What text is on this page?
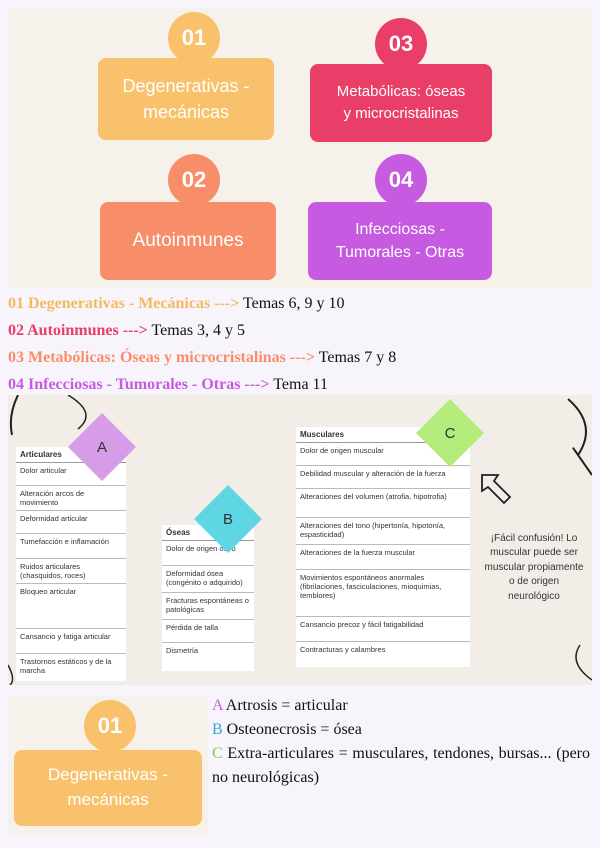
01
Degenerativas -
mecánicas
03
Metabólicas: óseas
y microcristalinas
02
Autoinmunes
04
Infecciosas -
Tumorales - Otras
01 Degenerativas - Mecánicas ---> Temas 6, 9 y 10
02 Autoinmunes ---> Temas 3, 4 y 5
03 Metabólicas: Óseas y microcristalinas ---> Temas 7 y 8
04 Infecciosas - Tumorales - Otras ---> Tema 11
Articulares
Dolor articular
Alteración arcos de movimiento
Deformidad articular
Tumefacción e inflamación
Ruidos articulares (chasquidos, roces)
Bloqueo articular
Cansancio y fatiga articular
Trastornos estáticos y de la marcha
Óseas
Dolor de origen óseo
Deformidad ósea (congénito o adquirido)
Fracturas espontáneas o patológicas
Pérdida de talla
Dismetría
Musculares
Dolor de origen muscular
Debilidad muscular y alteración de la fuerza
Alteraciones del volumen (atrofia, hipotrofia)
Alteraciones del tono (hipertonía, hipotonía, espasticidad)
Alteraciones de la fuerza muscular
Movimientos espontáneos anormales (fibrilaciones, fasciculaciones, mioquimias, temblores)
Cansancio precoz y fácil fatigabilidad
Contracturas y calambres
A
B
C

¡Fácil confusión! Lo
muscular puede ser
muscular propiamente
o de origen
neurológico

01
Degenerativas -
mecánicas
A Artrosis = articular
B Osteonecrosis = ósea
C Extra-articulares = musculares, tendones, bursas... (pero no neurológicas)
